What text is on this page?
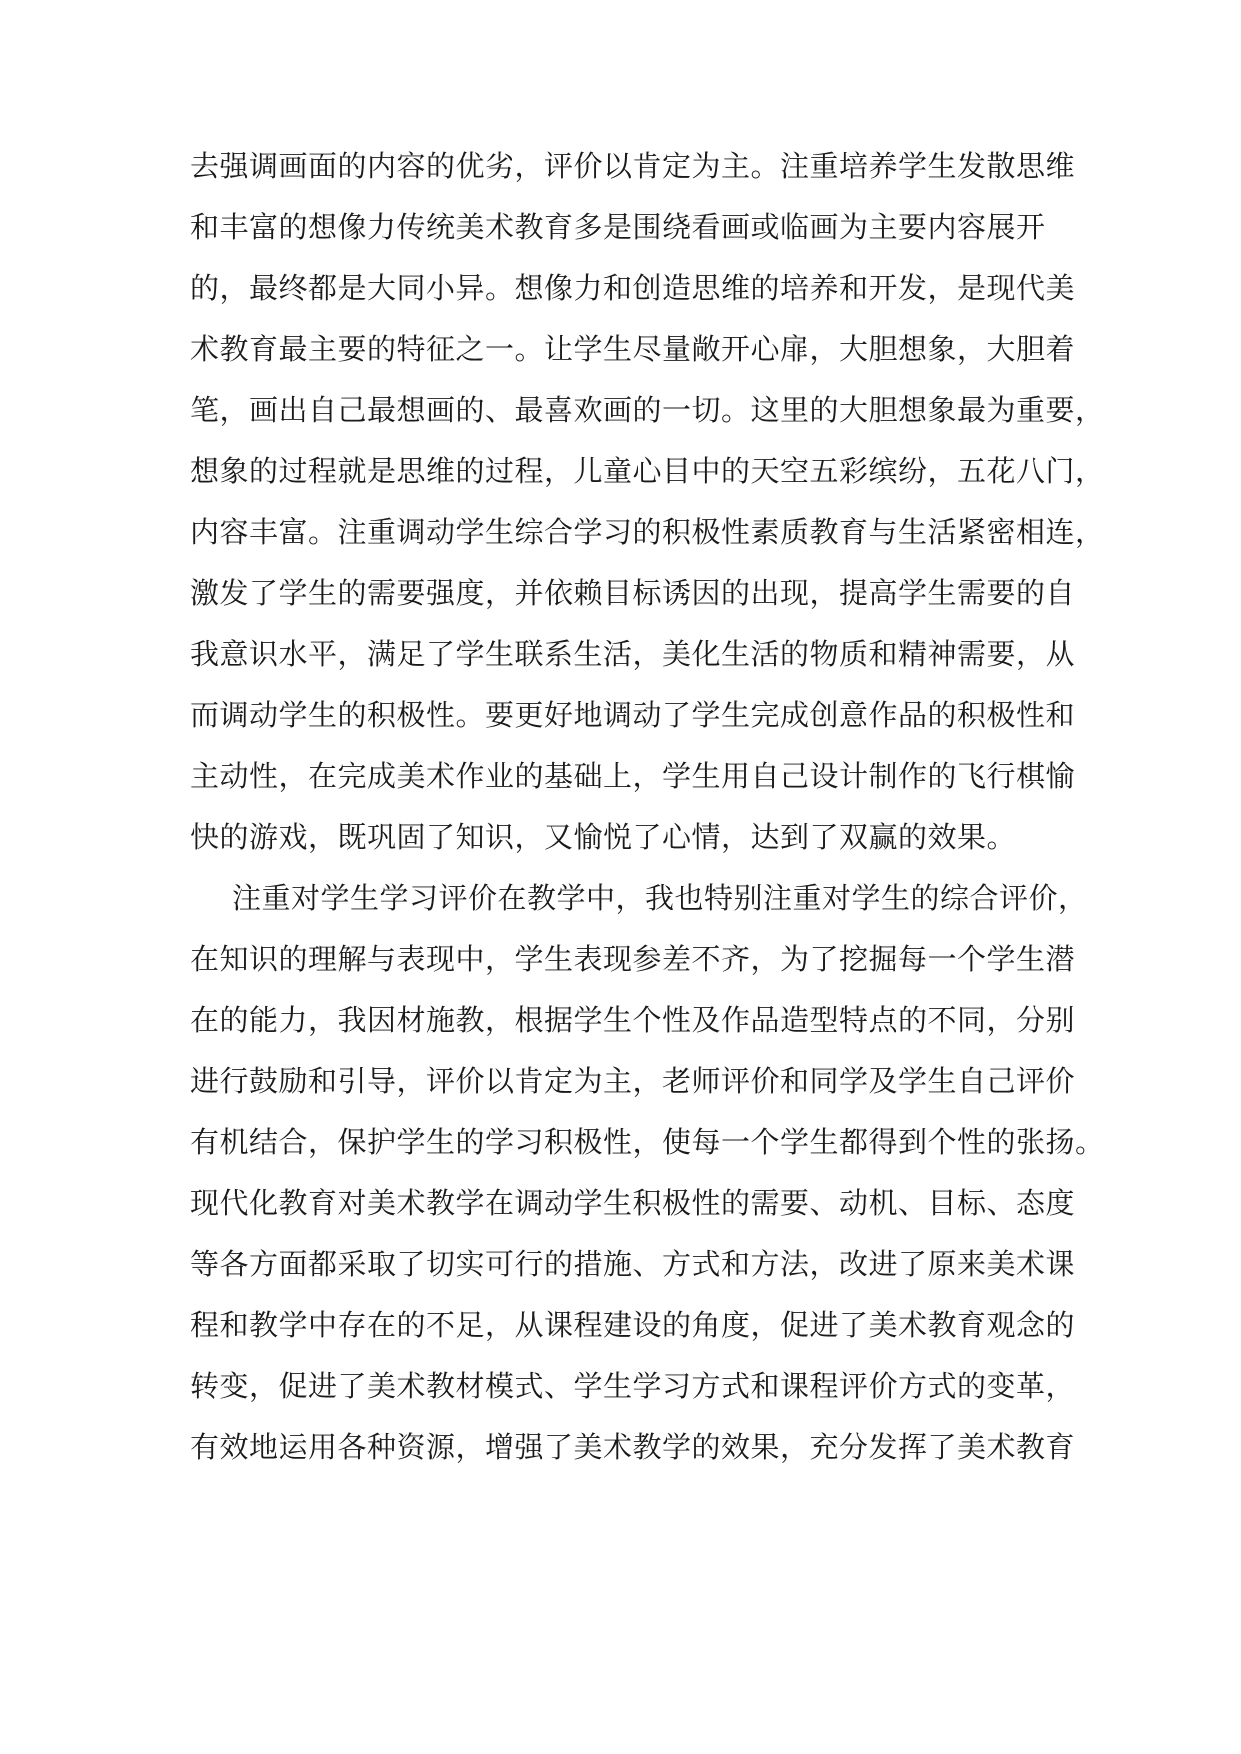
去强调画面的内容的优劣，评价以肯定为主。注重培养学生发散思维
和丰富的想像力传统美术教育多是围绕看画或临画为主要内容展开
的，最终都是大同小异。想像力和创造思维的培养和开发，是现代美
术教育最主要的特征之一。让学生尽量敞开心扉，大胆想象，大胆着
笔，画出自己最想画的、最喜欢画的一切。这里的大胆想象最为重要，
想象的过程就是思维的过程，儿童心目中的天空五彩缤纷，五花八门，
内容丰富。注重调动学生综合学习的积极性素质教育与生活紧密相连，
激发了学生的需要强度，并依赖目标诱因的出现，提高学生需要的自
我意识水平，满足了学生联系生活，美化生活的物质和精神需要，从
而调动学生的积极性。要更好地调动了学生完成创意作品的积极性和
主动性，在完成美术作业的基础上，学生用自己设计制作的飞行棋愉
快的游戏，既巩固了知识，又愉悦了心情，达到了双赢的效果。
注重对学生学习评价在教学中，我也特别注重对学生的综合评价，
在知识的理解与表现中，学生表现参差不齐，为了挖掘每一个学生潜
在的能力，我因材施教，根据学生个性及作品造型特点的不同，分别
进行鼓励和引导，评价以肯定为主，老师评价和同学及学生自己评价
有机结合，保护学生的学习积极性，使每一个学生都得到个性的张扬。
现代化教育对美术教学在调动学生积极性的需要、动机、目标、态度
等各方面都采取了切实可行的措施、方式和方法，改进了原来美术课
程和教学中存在的不足，从课程建设的角度，促进了美术教育观念的
转变，促进了美术教材模式、学生学习方式和课程评价方式的变革，
有效地运用各种资源，增强了美术教学的效果，充分发挥了美术教育
